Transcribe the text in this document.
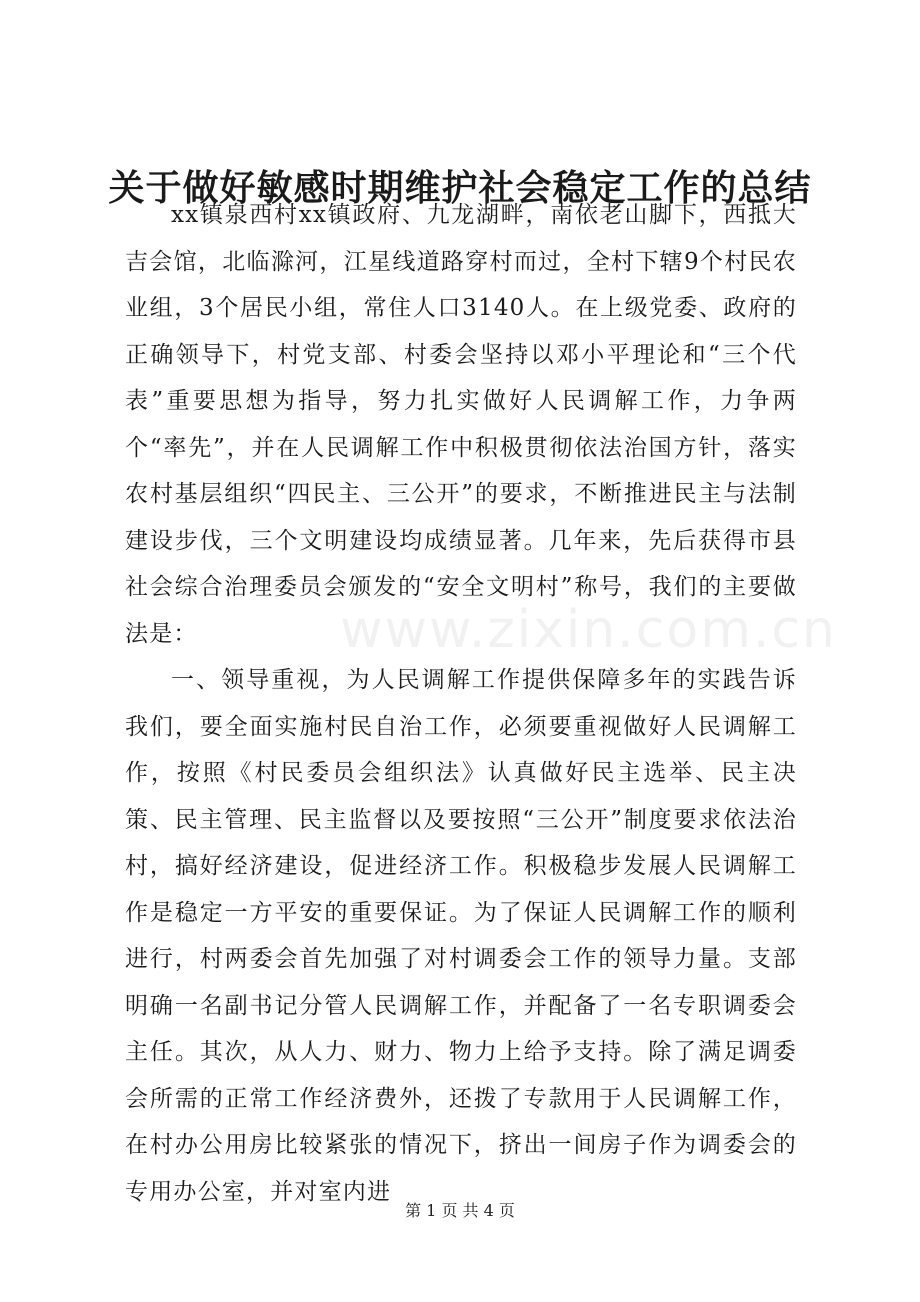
关于做好敏感时期维护社会稳定工作的总结

xx镇泉西村xx镇政府、九龙湖畔，南依老山脚下，西抵大吉会馆，北临滁河，江星线道路穿村而过，全村下辖9个村民农业组，3个居民小组，常住人口3140人。在上级党委、政府的正确领导下，村党支部、村委会坚持以邓小平理论和“三个代表”重要思想为指导，努力扎实做好人民调解工作，力争两个“率先”，并在人民调解工作中积极贯彻依法治国方针，落实农村基层组织“四民主、三公开”的要求，不断推进民主与法制建设步伐，三个文明建设均成绩显著。几年来，先后获得市县社会综合治理委员会颁发的“安全文明村”称号，我们的主要做法是：

一、领导重视，为人民调解工作提供保障多年的实践告诉我们，要全面实施村民自治工作，必须要重视做好人民调解工作，按照《村民委员会组织法》认真做好民主选举、民主决策、民主管理、民主监督以及要按照“三公开”制度要求依法治村，搞好经济建设，促进经济工作。积极稳步发展人民调解工作是稳定一方平安的重要保证。为了保证人民调解工作的顺利进行，村两委会首先加强了对村调委会工作的领导力量。支部明确一名副书记分管人民调解工作，并配备了一名专职调委会主任。其次，从人力、财力、物力上给予支持。除了满足调委会所需的正常工作经济费外，还拨了专款用于人民调解工作，在村办公用房比较紧张的情况下，挤出一间房子作为调委会的专用办公室，并对室内进

www.zixin.com.cn
第 1 页 共 4 页
